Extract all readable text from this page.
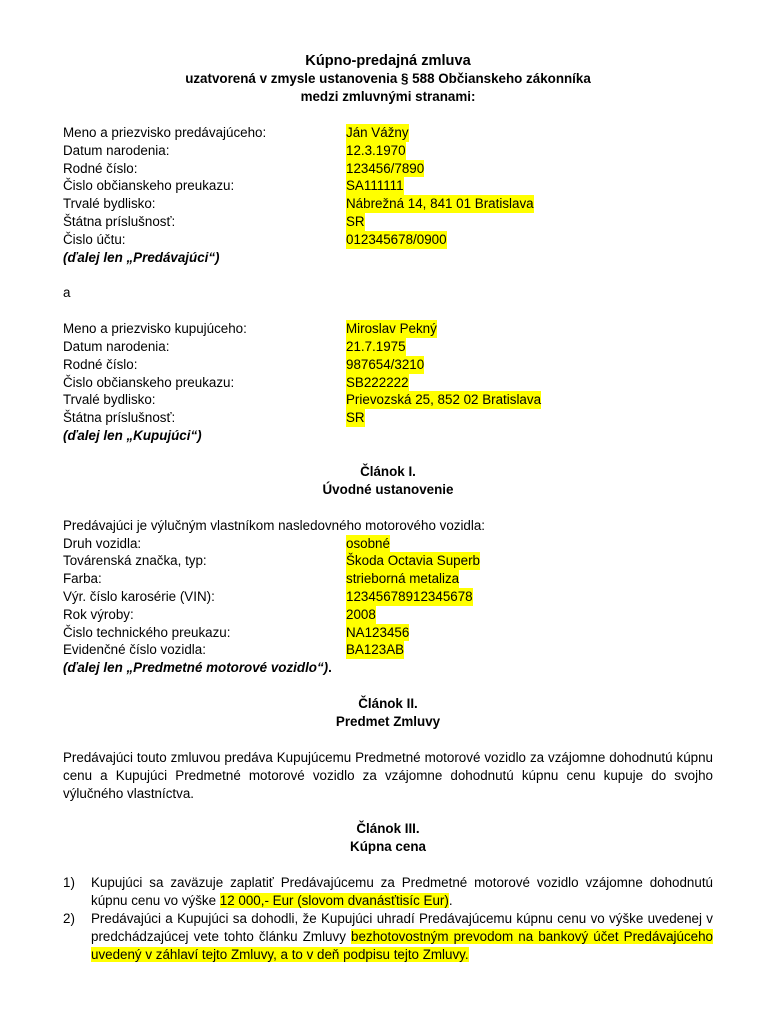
Kúpno-predajná zmluva
uzatvorená v zmysle ustanovenia § 588 Občianskeho zákonníka
medzi zmluvnými stranami:
Meno a priezvisko predávajúceho:	Ján Vážny
Datum narodenia:	12.3.1970
Rodné číslo:	123456/7890
Čislo občianskeho preukazu:	SA111111
Trvalé bydlisko:	Nábrežná 14, 841 01 Bratislava
Štátna príslušnosť:	SR
Čislo účtu:	012345678/0900
(ďalej len „Predávajúci“)
a
Meno a priezvisko kupujúceho:	Miroslav Pekný
Datum narodenia:	21.7.1975
Rodné číslo:	987654/3210
Čislo občianskeho preukazu:	SB222222
Trvalé bydlisko:	Prievozská 25, 852 02 Bratislava
Štátna príslušnosť:	SR
(ďalej len „Kupujúci“)
Článok I.
Úvodné ustanovenie
Predávajúci je výlučným vlastníkom nasledovného motorového vozidla:
Druh vozidla:	osobné
Továrenská značka, typ:	Škoda Octavia Superb
Farba:	strieborná metaliza
Výr. číslo karosérie (VIN):	12345678912345678
Rok výroby:	2008
Čislo technického preukazu:	NA123456
Evidenčné číslo vozidla:	BA123AB
(ďalej len „Predmetné motorové vozidlo“) .
Článok II.
Predmet Zmluvy
Predávajúci touto zmluvou predáva Kupujúcemu Predmetné motorové vozidlo za vzájomne dohodnutú kúpnu cenu a Kupujúci Predmetné motorové vozidlo za vzájomne dohodnutú kúpnu cenu kupuje do svojho výlučného vlastníctva.
Článok III.
Kúpna cena
1) Kupujúci sa zaväzuje zaplatiť Predávajúcemu za Predmetné motorové vozidlo vzájomne dohodnutú kúpnu cenu vo výške 12 000,- Eur (slovom dvanásťtisíc Eur).
2) Predávajúci a Kupujúci sa dohodli, že Kupujúci uhradí Predávajúcemu kúpnu cenu vo výške uvedenej v predchádzajúcej vete tohto článku Zmluvy bezhotovostným prevodom na bankový účet Predávajúceho uvedený v záhlaví tejto Zmluvy, a to v deň podpisu tejto Zmluvy.
